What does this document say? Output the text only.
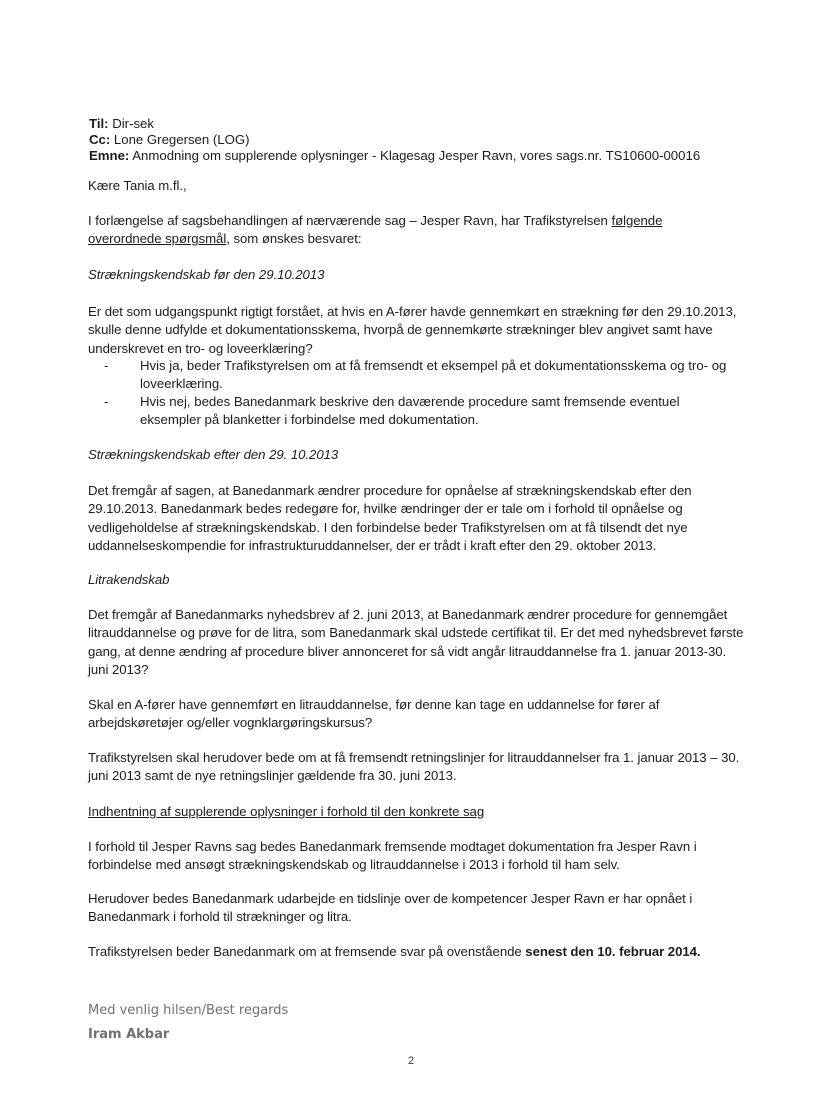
Til: Dir-sek
Cc: Lone Gregersen (LOG)
Emne: Anmodning om supplerende oplysninger - Klagesag Jesper Ravn, vores sags.nr. TS10600-00016
Kære Tania m.fl.,
I forlængelse af sagsbehandlingen af nærværende sag – Jesper Ravn, har Trafikstyrelsen følgende overordnede spørgsmål, som ønskes besvaret:
Strækningskendskab før den 29.10.2013
Er det som udgangspunkt rigtigt forstået, at hvis en A-fører havde gennemkørt en strækning før den 29.10.2013, skulle denne udfylde et dokumentationsskema, hvorpå de gennemkørte strækninger blev angivet samt have underskrevet en tro- og loveerklæring?
- Hvis ja, beder Trafikstyrelsen om at få fremsendt et eksempel på et dokumentationsskema og tro- og loveerklæring.
- Hvis nej, bedes Banedanmark beskrive den daværende procedure samt fremsende eventuel eksempler på blanketter i forbindelse med dokumentation.
Strækningskendskab efter den 29. 10.2013
Det fremgår af sagen, at Banedanmark ændrer procedure for opnåelse af strækningskendskab efter den 29.10.2013. Banedanmark bedes redegøre for, hvilke ændringer der er tale om i forhold til opnåelse og vedligeholdelse af strækningskendskab. I den forbindelse beder Trafikstyrelsen om at få tilsendt det nye uddannelseskompendie for infrastrukturuddannelser, der er trådt i kraft efter den 29. oktober 2013.
Litrakendskab
Det fremgår af Banedanmarks nyhedsbrev af 2. juni 2013, at Banedanmark ændrer procedure for gennemgået litrauddannelse og prøve for de litra, som Banedanmark skal udstede certifikat til. Er det med nyhedsbrevet første gang, at denne ændring af procedure bliver annonceret for så vidt angår litrauddannelse fra 1. januar 2013-30. juni 2013?
Skal en A-fører have gennemført en litrauddannelse, før denne kan tage en uddannelse for fører af arbejdskøretøjer og/eller vognklargøringskursus?
Trafikstyrelsen skal herudover bede om at få fremsendt retningslinjer for litrauddannelser fra 1. januar 2013 – 30. juni 2013 samt de nye retningslinjer gældende fra 30. juni 2013.
Indhentning af supplerende oplysninger i forhold til den konkrete sag
I forhold til Jesper Ravns sag bedes Banedanmark fremsende modtaget dokumentation fra Jesper Ravn i forbindelse med ansøgt strækningskendskab og litrauddannelse i 2013 i forhold til ham selv.
Herudover bedes Banedanmark udarbejde en tidslinje over de kompetencer Jesper Ravn er har opnået i Banedanmark i forhold til strækninger og litra.
Trafikstyrelsen beder Banedanmark om at fremsende svar på ovenstående senest den 10. februar 2014.
Med venlig hilsen/Best regards
Iram Akbar
2
